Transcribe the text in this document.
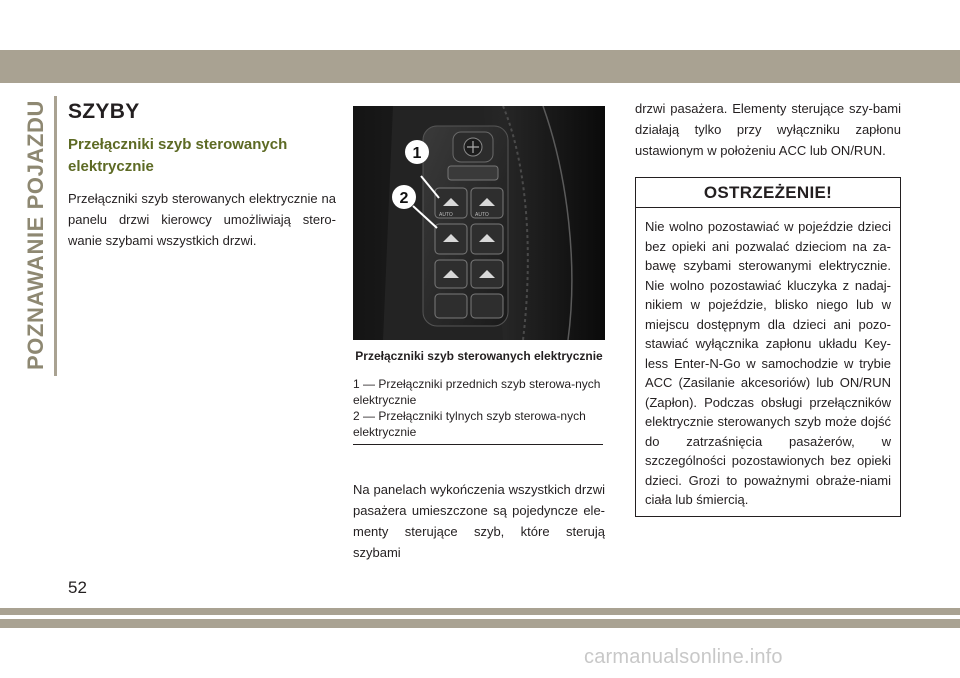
POZNAWANIE POJAZDU SZYBY
Przełączniki szyb sterowanych elektrycznie

Przełączniki szyb sterowanych elektrycznie na panelu drzwi kierowcy umożliwiają stero-wanie szybami wszystkich drzwi.

AUTO	AUTO
1
2
Przełączniki szyb sterowanych elektrycznie
1 — Przełączniki przednich szyb sterowa-nych elektrycznie
2 — Przełączniki tylnych szyb sterowa-nych elektrycznie

Na panelach wykończenia wszystkich drzwi pasażera umieszczone są pojedyncze ele-menty sterujące szyb, które sterują szybami

drzwi pasażera. Elementy sterujące szy-bami działają tylko przy wyłączniku zapłonu ustawionym w położeniu ACC lub ON/RUN.

OSTRZEŻENIE!
Nie wolno pozostawiać w pojeździe dzieci bez opieki ani pozwalać dzieciom na za-bawę szybami sterowanymi elektrycznie. Nie wolno pozostawiać kluczyka z nadaj-nikiem w pojeździe, blisko niego lub w miejscu dostępnym dla dzieci ani pozo-stawiać wyłącznika zapłonu układu Key-less Enter-N-Go w samochodzie w trybie ACC (Zasilanie akcesoriów) lub ON/RUN (Zapłon). Podczas obsługi przełączników elektrycznie sterowanych szyb może dojść do zatrzaśnięcia pasażerów, w szczególności pozostawionych bez opieki dzieci. Grozi to poważnymi obraże-niami ciała lub śmiercią.
52
carmanualsonline.info
